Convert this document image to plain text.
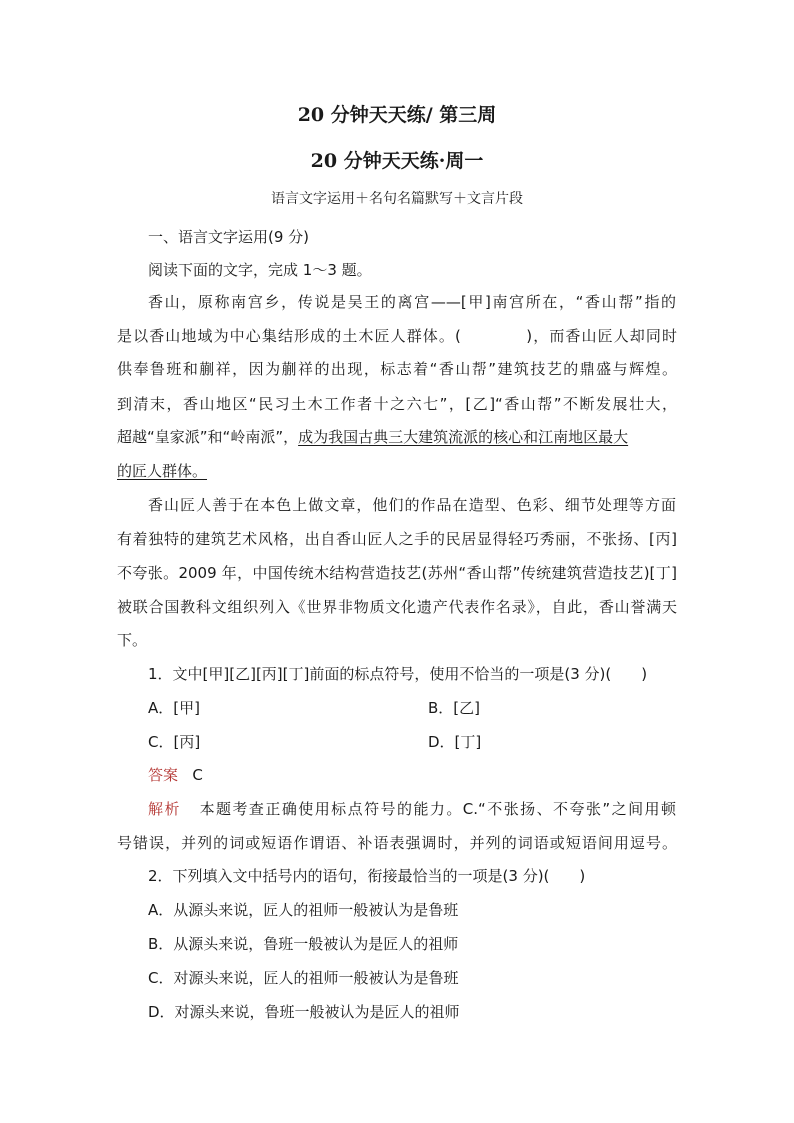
20 分钟天天练/ 第三周
20 分钟天天练·周一
语言文字运用＋名句名篇默写＋文言片段
一、语言文字运用(9 分)
阅读下面的文字，完成 1～3 题。
香山，原称南宫乡，传说是吴王的离宫——[甲]南宫所在，“香山帮”指的
是以香山地域为中心集结形成的土木匠人群体。(　　　　)，而香山匠人却同时
供奉鲁班和蒯祥，因为蒯祥的出现，标志着“香山帮”建筑技艺的鼎盛与辉煌。
到清末，香山地区“民习土木工作者十之六七”，[乙]“香山帮”不断发展壮大，
超越“皇家派”和“岭南派”，成为我国古典三大建筑流派的核心和江南地区最大
的匠人群体。
香山匠人善于在本色上做文章，他们的作品在造型、色彩、细节处理等方面
有着独特的建筑艺术风格，出自香山匠人之手的民居显得轻巧秀丽，不张扬、[丙]
不夸张。2009 年，中国传统木结构营造技艺(苏州“香山帮”传统建筑营造技艺)[丁]
被联合国教科文组织列入《世界非物质文化遗产代表作名录》，自此，香山誉满天
下。
1．文中[甲][乙][丙][丁]前面的标点符号，使用不恰当的一项是(3 分)(　　)
A．[甲]	B．[乙]
C．[丙]	D．[丁]
答案 C
解析 本题考查正确使用标点符号的能力。C.“不张扬、不夸张”之间用顿
号错误，并列的词或短语作谓语、补语表强调时，并列的词语或短语间用逗号。
2．下列填入文中括号内的语句，衔接最恰当的一项是(3 分)(　　)
A．从源头来说，匠人的祖师一般被认为是鲁班
B．从源头来说，鲁班一般被认为是匠人的祖师
C．对源头来说，匠人的祖师一般被认为是鲁班
D．对源头来说，鲁班一般被认为是匠人的祖师
